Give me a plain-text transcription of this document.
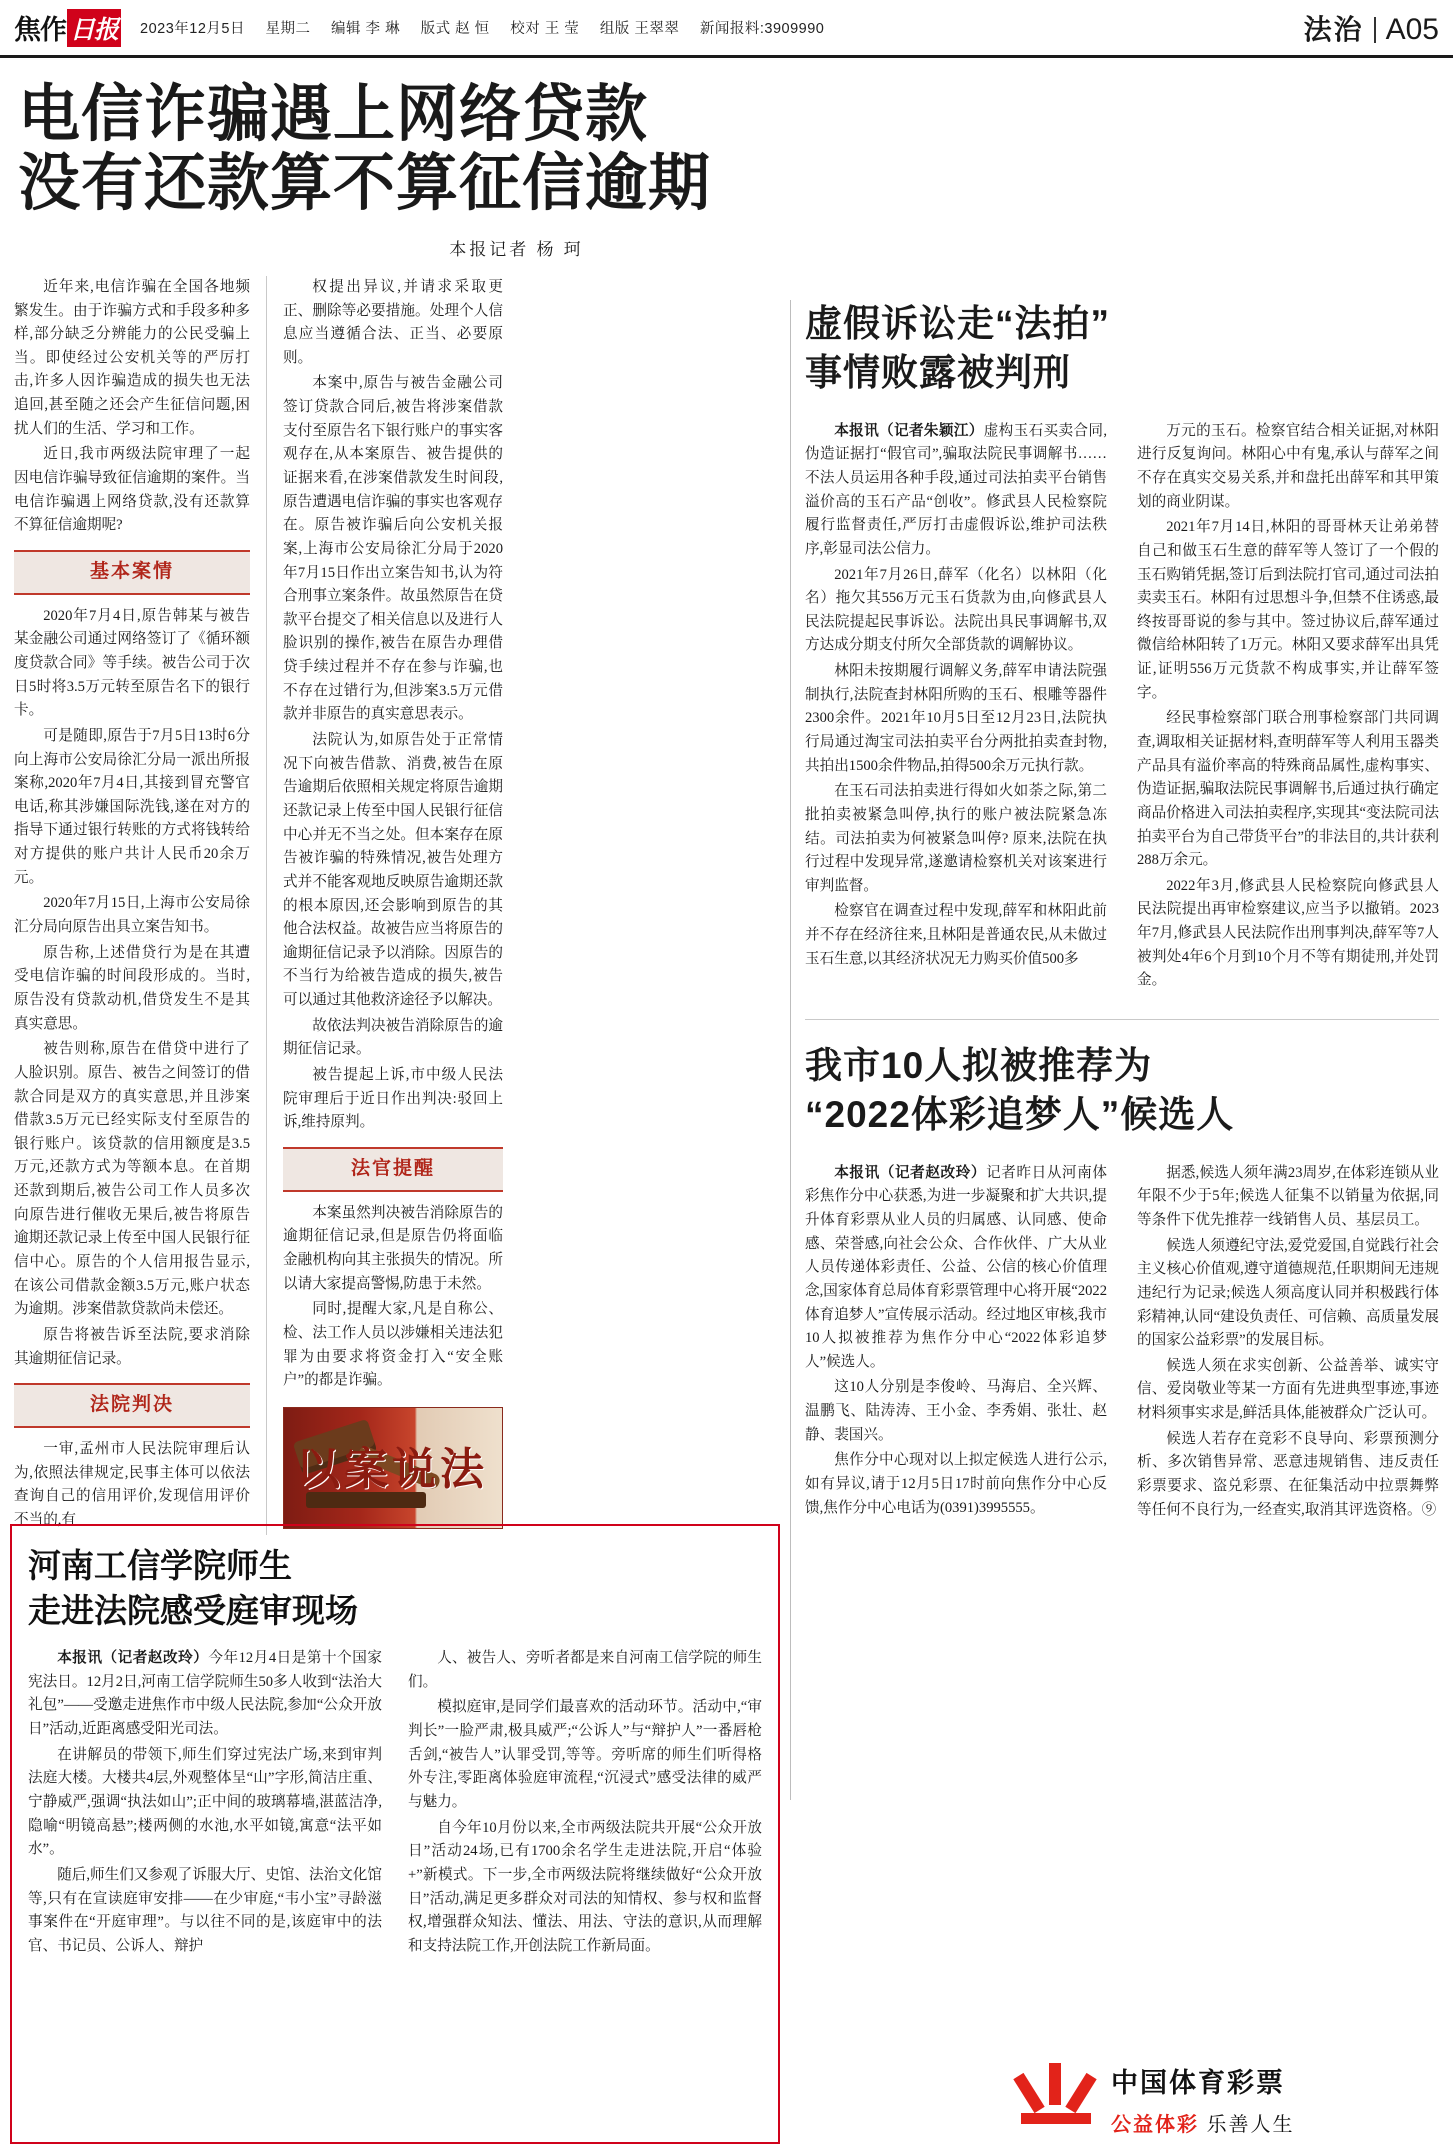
焦作 日报 2023年12月5日 星期二 编辑 李 琳 版式 赵 恒 校对 王 莹 组版 王翠翠 新闻报料:3909990	法治 A05
电信诈骗遇上网络贷款
没有还款算不算征信逾期
本报记者 杨 珂

近年来,电信诈骗在全国各地频繁发生。由于诈骗方式和手段多种多样,部分缺乏分辨能力的公民受骗上当。即使经过公安机关等的严厉打击,许多人因诈骗造成的损失也无法追回,甚至随之还会产生征信问题,困扰人们的生活、学习和工作。

近日,我市两级法院审理了一起因电信诈骗导致征信逾期的案件。当电信诈骗遇上网络贷款,没有还款算不算征信逾期呢?

基本案情

2020年7月4日,原告韩某与被告某金融公司通过网络签订了《循环额度贷款合同》等手续。被告公司于次日5时将3.5万元转至原告名下的银行卡。

可是随即,原告于7月5日13时6分向上海市公安局徐汇分局一派出所报案称,2020年7月4日,其接到冒充警官电话,称其涉嫌国际洗钱,遂在对方的指导下通过银行转账的方式将钱转给对方提供的账户共计人民币20余万元。

2020年7月15日,上海市公安局徐汇分局向原告出具立案告知书。

原告称,上述借贷行为是在其遭受电信诈骗的时间段形成的。当时,原告没有贷款动机,借贷发生不是其真实意思。

被告则称,原告在借贷中进行了人脸识别。原告、被告之间签订的借款合同是双方的真实意思,并且涉案借款3.5万元已经实际支付至原告的银行账户。该贷款的信用额度是3.5万元,还款方式为等额本息。在首期还款到期后,被告公司工作人员多次向原告进行催收无果后,被告将原告逾期还款记录上传至中国人民银行征信中心。原告的个人信用报告显示,在该公司借款金额3.5万元,账户状态为逾期。涉案借款贷款尚未偿还。

原告将被告诉至法院,要求消除其逾期征信记录。

法院判决

一审,孟州市人民法院审理后认为,依照法律规定,民事主体可以依法查询自己的信用评价,发现信用评价不当的,有

权提出异议,并请求采取更正、删除等必要措施。处理个人信息应当遵循合法、正当、必要原则。

本案中,原告与被告金融公司签订贷款合同后,被告将涉案借款支付至原告名下银行账户的事实客观存在,从本案原告、被告提供的证据来看,在涉案借款发生时间段,原告遭遇电信诈骗的事实也客观存在。原告被诈骗后向公安机关报案,上海市公安局徐汇分局于2020年7月15日作出立案告知书,认为符合刑事立案条件。故虽然原告在贷款平台提交了相关信息以及进行人脸识别的操作,被告在原告办理借贷手续过程并不存在参与诈骗,也不存在过错行为,但涉案3.5万元借款并非原告的真实意思表示。

法院认为,如原告处于正常情况下向被告借款、消费,被告在原告逾期后依照相关规定将原告逾期还款记录上传至中国人民银行征信中心并无不当之处。但本案存在原告被诈骗的特殊情况,被告处理方式并不能客观地反映原告逾期还款的根本原因,还会影响到原告的其他合法权益。故被告应当将原告的逾期征信记录予以消除。因原告的不当行为给被告造成的损失,被告可以通过其他救济途径予以解决。

故依法判决被告消除原告的逾期征信记录。

被告提起上诉,市中级人民法院审理后于近日作出判决:驳回上诉,维持原判。

法官提醒

本案虽然判决被告消除原告的逾期征信记录,但是原告仍将面临金融机构向其主张损失的情况。所以请大家提高警惕,防患于未然。

同时,提醒大家,凡是自称公、检、法工作人员以涉嫌相关违法犯罪为由要求将资金打入“安全账户”的都是诈骗。

以案说法
虚假诉讼走“法拍”
事情败露被判刑

本报讯（记者朱颖江）虚构玉石买卖合同,伪造证据打“假官司”,骗取法院民事调解书……不法人员运用各种手段,通过司法拍卖平台销售溢价高的玉石产品“创收”。修武县人民检察院履行监督责任,严厉打击虚假诉讼,维护司法秩序,彰显司法公信力。

2021年7月26日,薛军（化名）以林阳（化名）拖欠其556万元玉石货款为由,向修武县人民法院提起民事诉讼。法院出具民事调解书,双方达成分期支付所欠全部货款的调解协议。

林阳未按期履行调解义务,薛军申请法院强制执行,法院查封林阳所购的玉石、根雕等器件2300余件。2021年10月5日至12月23日,法院执行局通过淘宝司法拍卖平台分两批拍卖查封物,共拍出1500余件物品,拍得500余万元执行款。

在玉石司法拍卖进行得如火如荼之际,第二批拍卖被紧急叫停,执行的账户被法院紧急冻结。司法拍卖为何被紧急叫停? 原来,法院在执行过程中发现异常,遂邀请检察机关对该案进行审判监督。

检察官在调查过程中发现,薛军和林阳此前并不存在经济往来,且林阳是普通农民,从未做过玉石生意,以其经济状况无力购买价值500多

万元的玉石。检察官结合相关证据,对林阳进行反复询问。林阳心中有鬼,承认与薛军之间不存在真实交易关系,并和盘托出薛军和其甲策划的商业阴谋。

2021年7月14日,林阳的哥哥林天让弟弟替自己和做玉石生意的薛军等人签订了一个假的玉石购销凭据,签订后到法院打官司,通过司法拍卖卖玉石。林阳有过思想斗争,但禁不住诱惑,最终按哥哥说的参与其中。签过协议后,薛军通过微信给林阳转了1万元。林阳又要求薛军出具凭证,证明556万元货款不构成事实,并让薛军签字。

经民事检察部门联合刑事检察部门共同调查,调取相关证据材料,查明薛军等人利用玉器类产品具有溢价率高的特殊商品属性,虚构事实、伪造证据,骗取法院民事调解书,后通过执行确定商品价格进入司法拍卖程序,实现其“变法院司法拍卖平台为自己带货平台”的非法目的,共计获利288万余元。

2022年3月,修武县人民检察院向修武县人民法院提出再审检察建议,应当予以撤销。2023年7月,修武县人民法院作出刑事判决,薛军等7人被判处4年6个月到10个月不等有期徒刑,并处罚金。

我市10人拟被推荐为
“2022体彩追梦人”候选人

本报讯（记者赵改玲）记者昨日从河南体彩焦作分中心获悉,为进一步凝聚和扩大共识,提升体育彩票从业人员的归属感、认同感、使命感、荣誉感,向社会公众、合作伙伴、广大从业人员传递体彩责任、公益、公信的核心价值理念,国家体育总局体育彩票管理中心将开展“2022体育追梦人”宣传展示活动。经过地区审核,我市10人拟被推荐为焦作分中心“2022体彩追梦人”候选人。

这10人分别是李俊岭、马海启、全兴辉、温鹏飞、陆涛涛、王小金、李秀娟、张壮、赵静、裴国兴。

焦作分中心现对以上拟定候选人进行公示,如有异议,请于12月5日17时前向焦作分中心反馈,焦作分中心电话为(0391)3995555。

据悉,候选人须年满23周岁,在体彩连锁从业年限不少于5年;候选人征集不以销量为依据,同等条件下优先推荐一线销售人员、基层员工。

候选人须遵纪守法,爱党爱国,自觉践行社会主义核心价值观,遵守道德规范,任职期间无违规违纪行为记录;候选人须高度认同并积极践行体彩精神,认同“建设负责任、可信赖、高质量发展的国家公益彩票”的发展目标。

候选人须在求实创新、公益善举、诚实守信、爱岗敬业等某一方面有先进典型事迹,事迹材料须事实求是,鲜活具体,能被群众广泛认可。

候选人若存在竞彩不良导向、彩票预测分析、多次销售异常、恶意违规销售、违反责任彩票要求、盗兑彩票、在征集活动中拉票舞弊等任何不良行为,一经查实,取消其评选资格。⑨

河南工信学院师生
走进法院感受庭审现场

本报讯（记者赵改玲）今年12月4日是第十个国家宪法日。12月2日,河南工信学院师生50多人收到“法治大礼包”——受邀走进焦作市中级人民法院,参加“公众开放日”活动,近距离感受阳光司法。

在讲解员的带领下,师生们穿过宪法广场,来到审判法庭大楼。大楼共4层,外观整体呈“山”字形,简洁庄重、宁静威严,强调“执法如山”;正中间的玻璃幕墙,湛蓝洁净,隐喻“明镜高悬”;楼两侧的水池,水平如镜,寓意“法平如水”。

随后,师生们又参观了诉服大厅、史馆、法治文化馆等,只有在宣读庭审安排——在少审庭,“韦小宝”寻龄滋事案件在“开庭审理”。与以往不同的是,该庭审中的法官、书记员、公诉人、辩护

人、被告人、旁听者都是来自河南工信学院的师生们。

模拟庭审,是同学们最喜欢的活动环节。活动中,“审判长”一脸严肃,极具威严;“公诉人”与“辩护人”一番唇枪舌剑,“被告人”认罪受罚,等等。旁听席的师生们听得格外专注,零距离体验庭审流程,“沉浸式”感受法律的威严与魅力。

自今年10月份以来,全市两级法院共开展“公众开放日”活动24场,已有1700余名学生走进法院,开启“体验+”新模式。下一步,全市两级法院将继续做好“公众开放日”活动,满足更多群众对司法的知情权、参与权和监督权,增强群众知法、懂法、用法、守法的意识,从而理解和支持法院工作,开创法院工作新局面。

中国体育彩票
公益体彩 乐善人生
